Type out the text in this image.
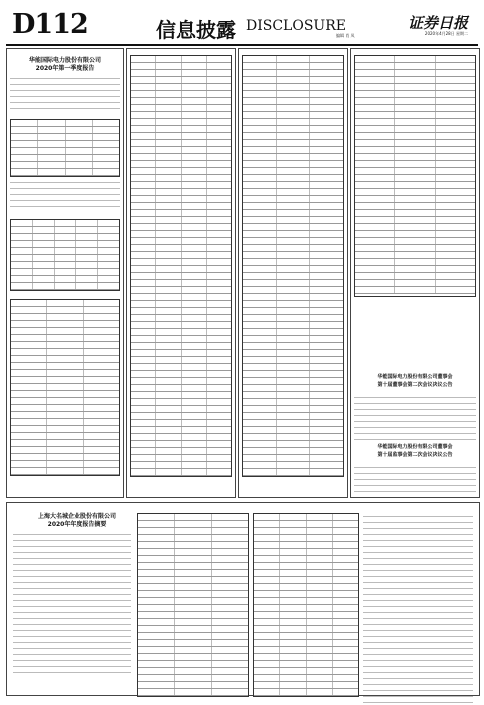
D112	信息披露 DISCLOSURE	证券日报
2020年4月28日 星期二
编辑 肖 凤
华能国际电力股份有限公司
2020年第一季度报告
华能国际电力股份有限公司董事会
第十届董事会第二次会议决议公告
华能国际电力股份有限公司董事会
第十届监事会第二次会议决议公告
上海大名城企业股份有限公司
2020年年度报告摘要
